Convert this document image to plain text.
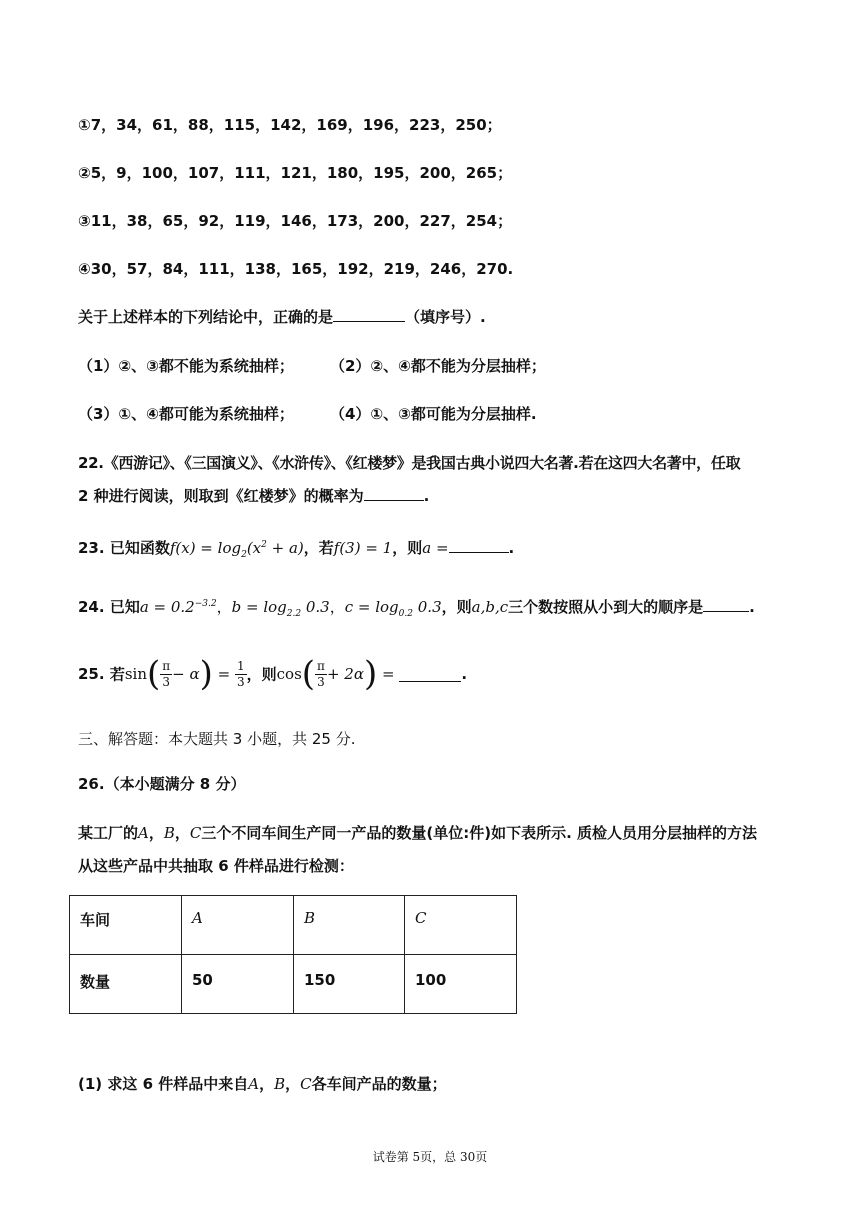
①7，34，61，88，115，142，169，196，223，250；
②5，9，100，107，111，121，180，195，200，265；
③11，38，65，92，119，146，173，200，227，254；
④30，57，84，111，138，165，192，219，246，270.
关于上述样本的下列结论中，正确的是	（填序号）.
（1）②、③都不能为系统抽样； （2）②、④都不能为分层抽样；
（3）①、④都可能为系统抽样； （4）①、③都可能为分层抽样.
22.《西游记》、《三国演义》、《水浒传》、《红楼梦》是我国古典小说四大名著.若在这四大名著中，任取
2 种进行阅读，则取到《红楼梦》的概率为	.
23. 已知函数$f(x) = \log_2(x^2 + a)$，若f(3) = 1，则a =	.
24. 已知$a = 0.2^{-3.2}$，$b = \log_{2.2} 0.3$，$c = \log_{0.2} 0.3$，则a,b,c三个数按照从小到大的顺序是	.
25. 若$\sin( \frac{\pi}{3} - \alpha) = \frac{1}{3}$ ，则$\cos( \frac{\pi}{3} + 2\alpha)$ =	.
三、解答题：本大题共 3 小题，共 25 分.
26.（本小题满分 8 分）
某工厂的A，B，C三个不同车间生产同一产品的数量(单位:件)如下表所示. 质检人员用分层抽样的方法
从这些产品中共抽取 6 件样品进行检测：
车间	A	B	C
数量	50	150	100
(1) 求这 6 件样品中来自A，B，C各车间产品的数量；
试卷第 5页，总 30页
